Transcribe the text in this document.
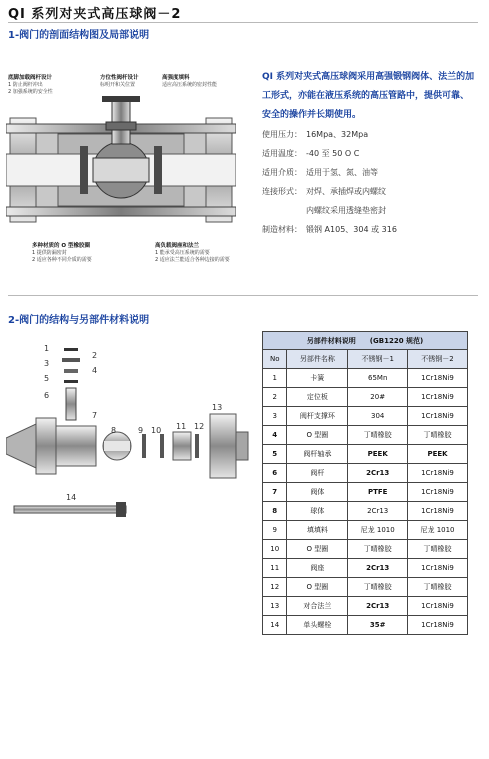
QI 系列对夹式高压球阀－2
1-阀门的剖面结构图及局部说明
底脚加载阀杆设计
1 防止阀杆冲出
2 加强系统的安全性
方位性阀杆设计
标明开和关位置
高强度填料
适应高压系统的密封性能
多种材质的 O 型橡胶圈
1 提供防漏密封
2 适应各种不同介质的需要
高负载阀座和法兰
1 能承受高压系统的需要
2 适应法兰能适合各种边接的需要
QI 系列对夹式高压球阀采用高强锻钢阀体、法兰的加工形式，亦能在液压系统的高压管路中，提供可靠、安全的操作并长期使用。
使用压力： 16Mpa、32Mpa
适用温度： -40 至 50 O C
适用介质： 适用于氢、氮、油等
连接形式： 对焊、承插焊或内螺纹
内螺纹采用透缝垫密封
制造材料： 锻钢 A105、304 或 316
2-阀门的结构与另部件材料说明
1
2
3
4
5
6
7
8	9 10 11 12
13
14
另部件材料说明　　(GB1220 规范)			
No	另部件名称	不锈钢－1	不锈钢－2
1	卡簧	65Mn	1Cr18Ni9
2	定位板	20#	1Cr18Ni9
3	阀杆支撑环	304	1Cr18Ni9
4	O 型圈	丁晴橡胶	丁晴橡胶
5	阀杆轴承	PEEK	PEEK
6	阀杆	2Cr13	1Cr18Ni9
7	阀体	PTFE	1Cr18Ni9
8	球体	2Cr13	1Cr18Ni9
9	填填料	尼龙 1010	尼龙 1010
10	O 型圈	丁晴橡胶	丁晴橡胶
11	阀座	2Cr13	1Cr18Ni9
12	O 型圈	丁晴橡胶	丁晴橡胶
13	对合法兰	2Cr13	1Cr18Ni9
14	单头螺栓	35#	1Cr18Ni9
